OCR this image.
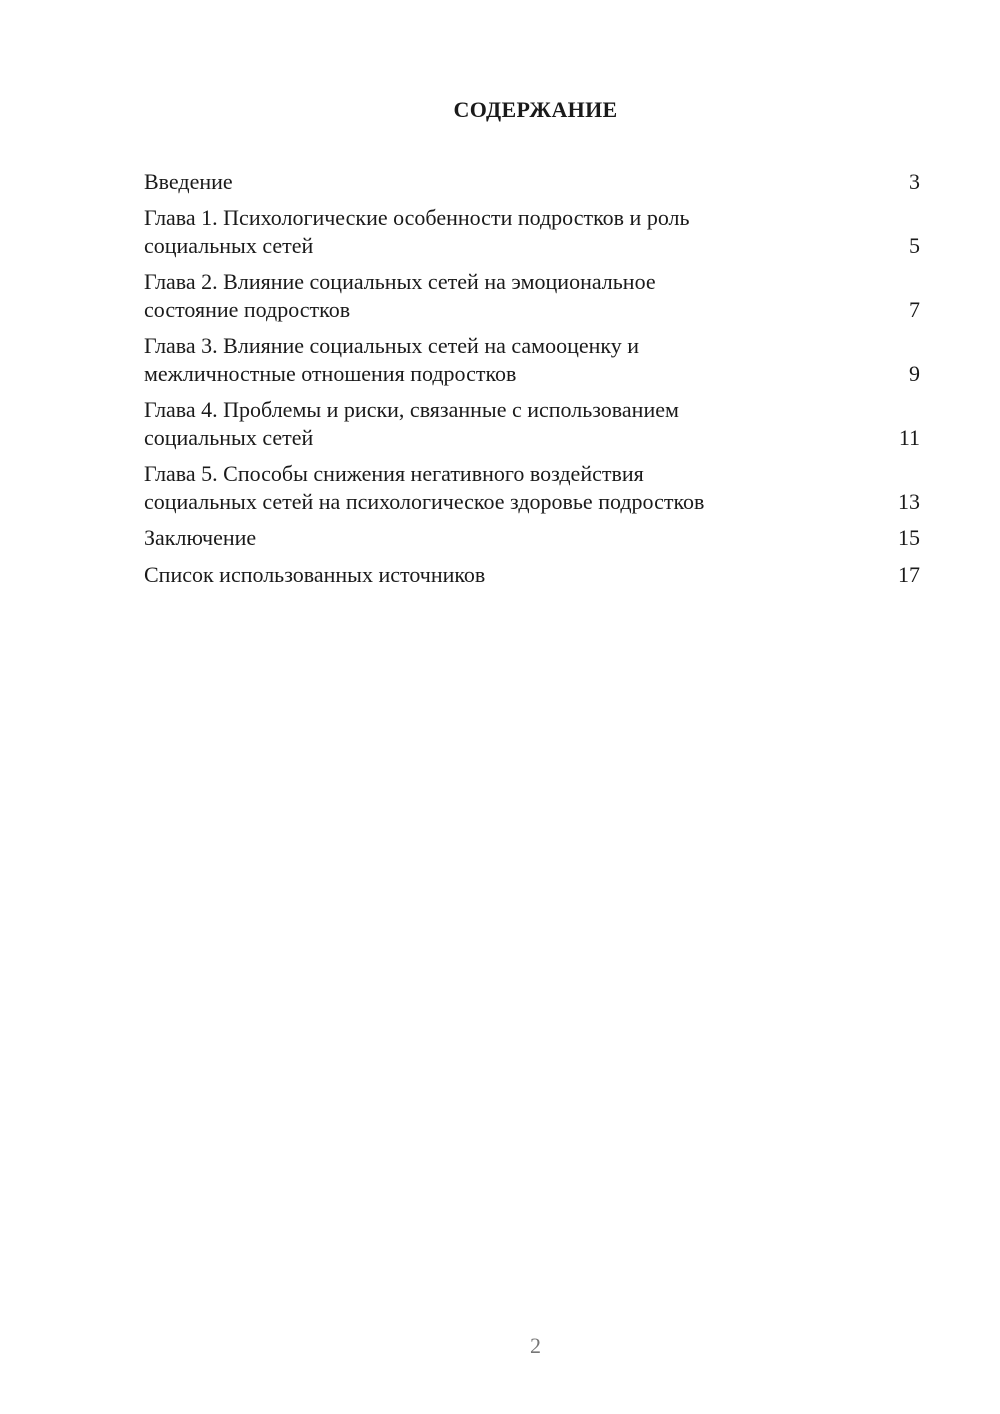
СОДЕРЖАНИЕ
Введение	3
Глава 1. Психологические особенности подростков и роль
социальных сетей	5
Глава 2. Влияние социальных сетей на эмоциональное
состояние подростков	7
Глава 3. Влияние социальных сетей на самооценку и
межличностные отношения подростков	9
Глава 4. Проблемы и риски, связанные с использованием
социальных сетей	11
Глава 5. Способы снижения негативного воздействия
социальных сетей на психологическое здоровье подростков	13
Заключение	15
Список использованных источников	17
2
